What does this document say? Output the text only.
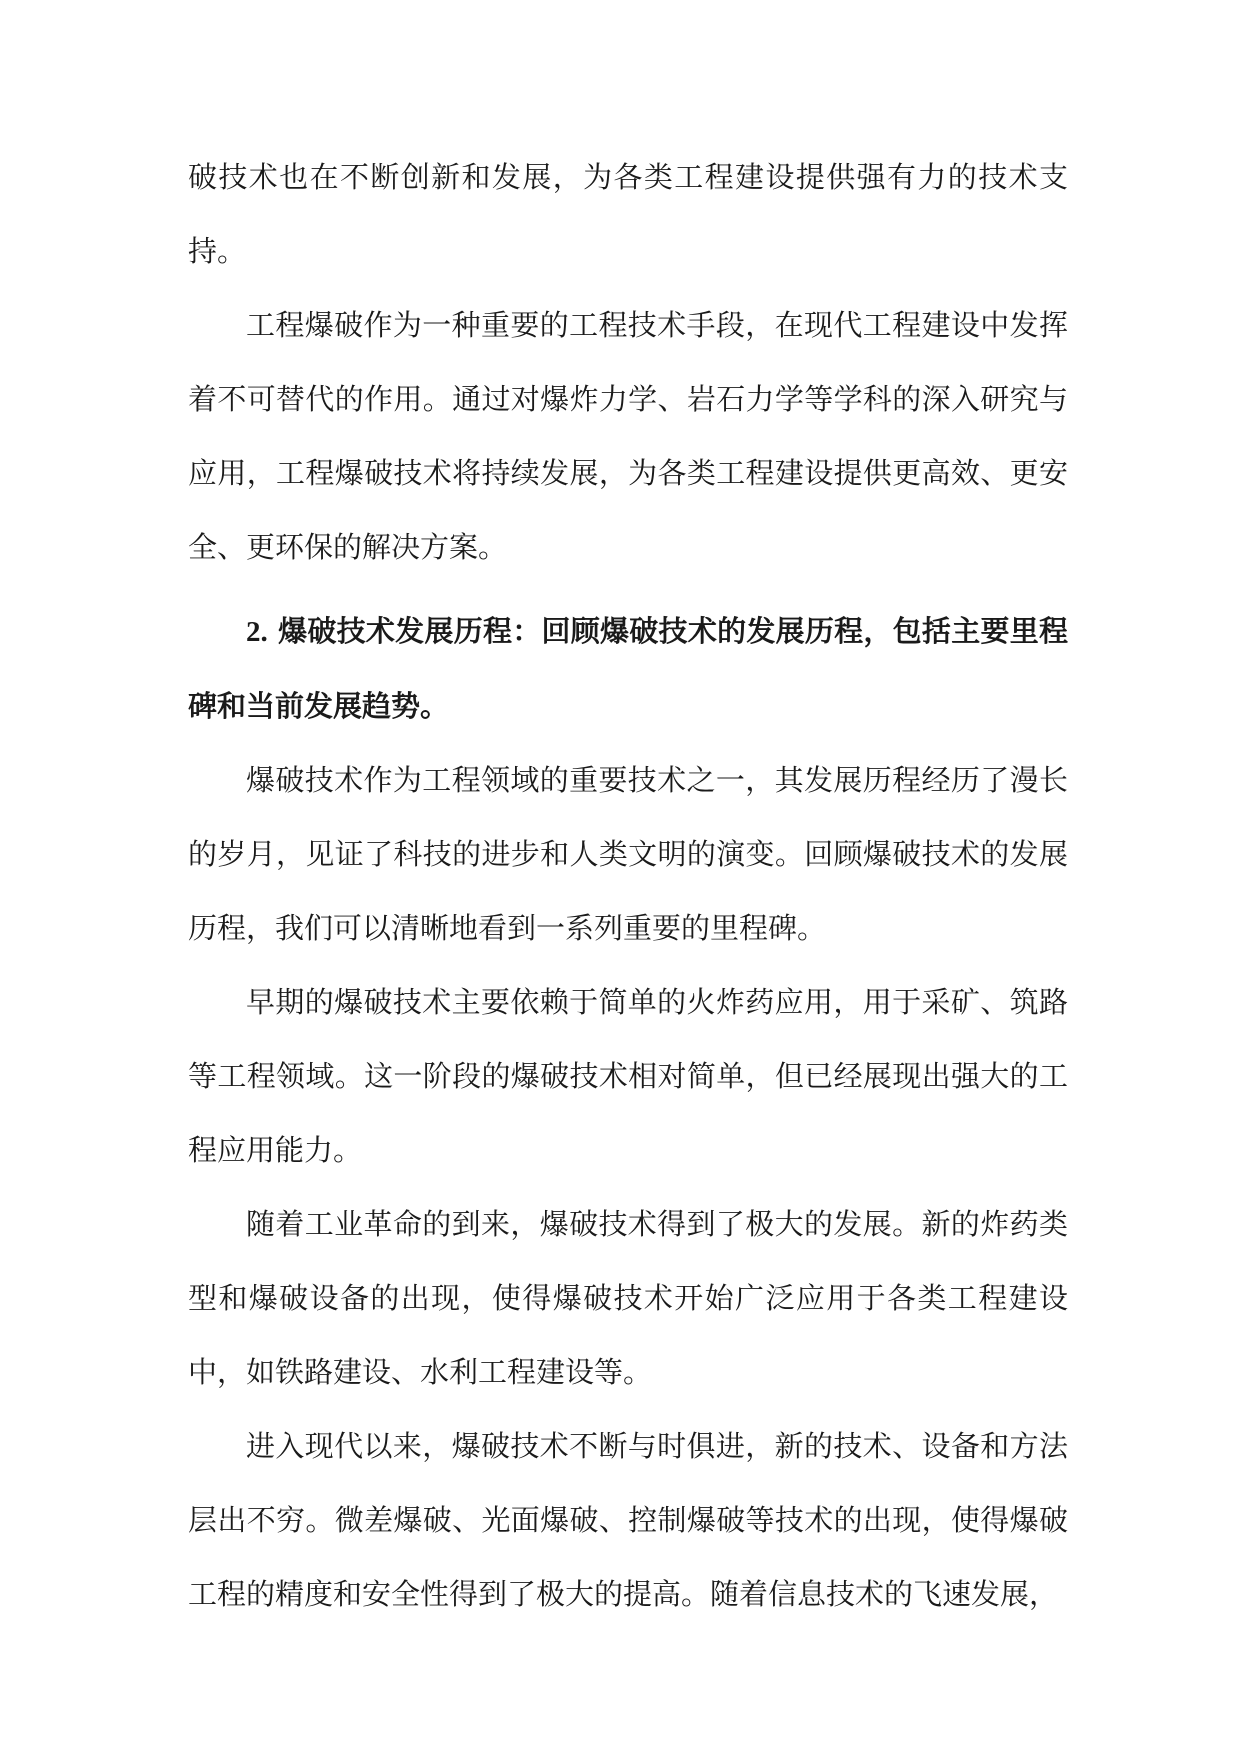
破技术也在不断创新和发展，为各类工程建设提供强有力的技术支持。

工程爆破作为一种重要的工程技术手段，在现代工程建设中发挥着不可替代的作用。通过对爆炸力学、岩石力学等学科的深入研究与应用，工程爆破技术将持续发展，为各类工程建设提供更高效、更安全、更环保的解决方案。

2. 爆破技术发展历程：回顾爆破技术的发展历程，包括主要里程碑和当前发展趋势。

爆破技术作为工程领域的重要技术之一，其发展历程经历了漫长的岁月，见证了科技的进步和人类文明的演变。回顾爆破技术的发展历程，我们可以清晰地看到一系列重要的里程碑。

早期的爆破技术主要依赖于简单的火炸药应用，用于采矿、筑路等工程领域。这一阶段的爆破技术相对简单，但已经展现出强大的工程应用能力。

随着工业革命的到来，爆破技术得到了极大的发展。新的炸药类型和爆破设备的出现，使得爆破技术开始广泛应用于各类工程建设中，如铁路建设、水利工程建设等。

进入现代以来，爆破技术不断与时俱进，新的技术、设备和方法层出不穷。微差爆破、光面爆破、控制爆破等技术的出现，使得爆破工程的精度和安全性得到了极大的提高。随着信息技术的飞速发展，
